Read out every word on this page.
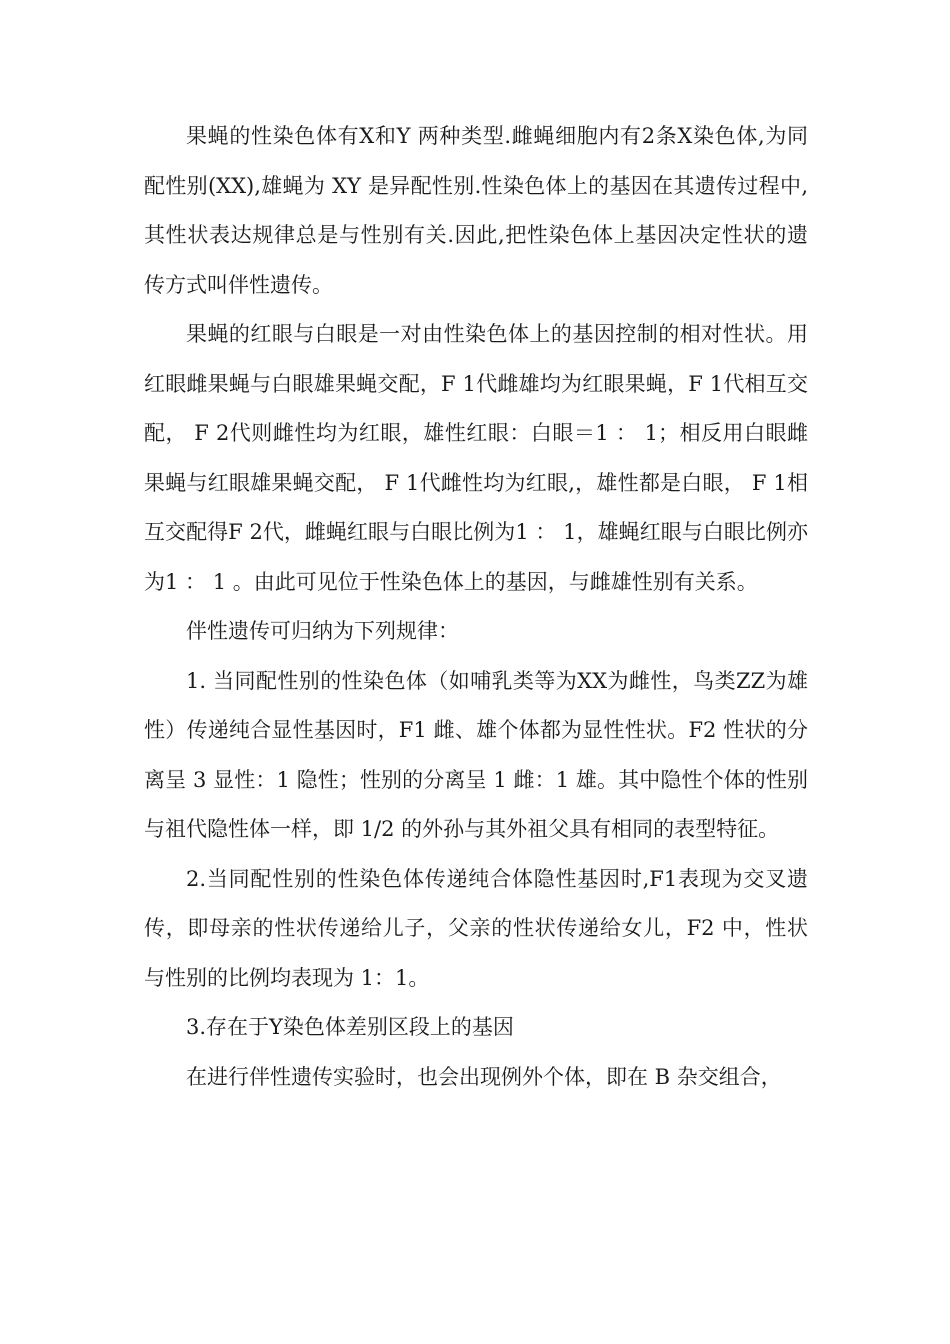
果蝇的性染色体有X和Y 两种类型.雌蝇细胞内有2条X染色体,为同配性别(XX),雄蝇为 XY 是异配性别.性染色体上的基因在其遗传过程中,其性状表达规律总是与性别有关.因此,把性染色体上基因决定性状的遗传方式叫伴性遗传。

果蝇的红眼与白眼是一对由性染色体上的基因控制的相对性状。用红眼雌果蝇与白眼雄果蝇交配，F 1代雌雄均为红眼果蝇，F 1代相互交配， F 2代则雌性均为红眼，雄性红眼：白眼＝1 ： 1；相反用白眼雌果蝇与红眼雄果蝇交配， F 1代雌性均为红眼,，雄性都是白眼， F 1相互交配得F 2代，雌蝇红眼与白眼比例为1 ： 1，雄蝇红眼与白眼比例亦为1 ： 1 。由此可见位于性染色体上的基因，与雌雄性别有关系。

伴性遗传可归纳为下列规律：

1. 当同配性别的性染色体（如哺乳类等为XX为雌性，鸟类ZZ为雄性）传递纯合显性基因时，F1 雌、雄个体都为显性性状。F2 性状的分离呈 3 显性：1 隐性；性别的分离呈 1 雌：1 雄。其中隐性个体的性别与祖代隐性体一样，即 1/2 的外孙与其外祖父具有相同的表型特征。

2.当同配性别的性染色体传递纯合体隐性基因时,F1表现为交叉遗传，即母亲的性状传递给儿子，父亲的性状传递给女儿，F2 中，性状与性别的比例均表现为 1：1。

3.存在于Y染色体差别区段上的基因

在进行伴性遗传实验时，也会出现例外个体，即在 B 杂交组合，
